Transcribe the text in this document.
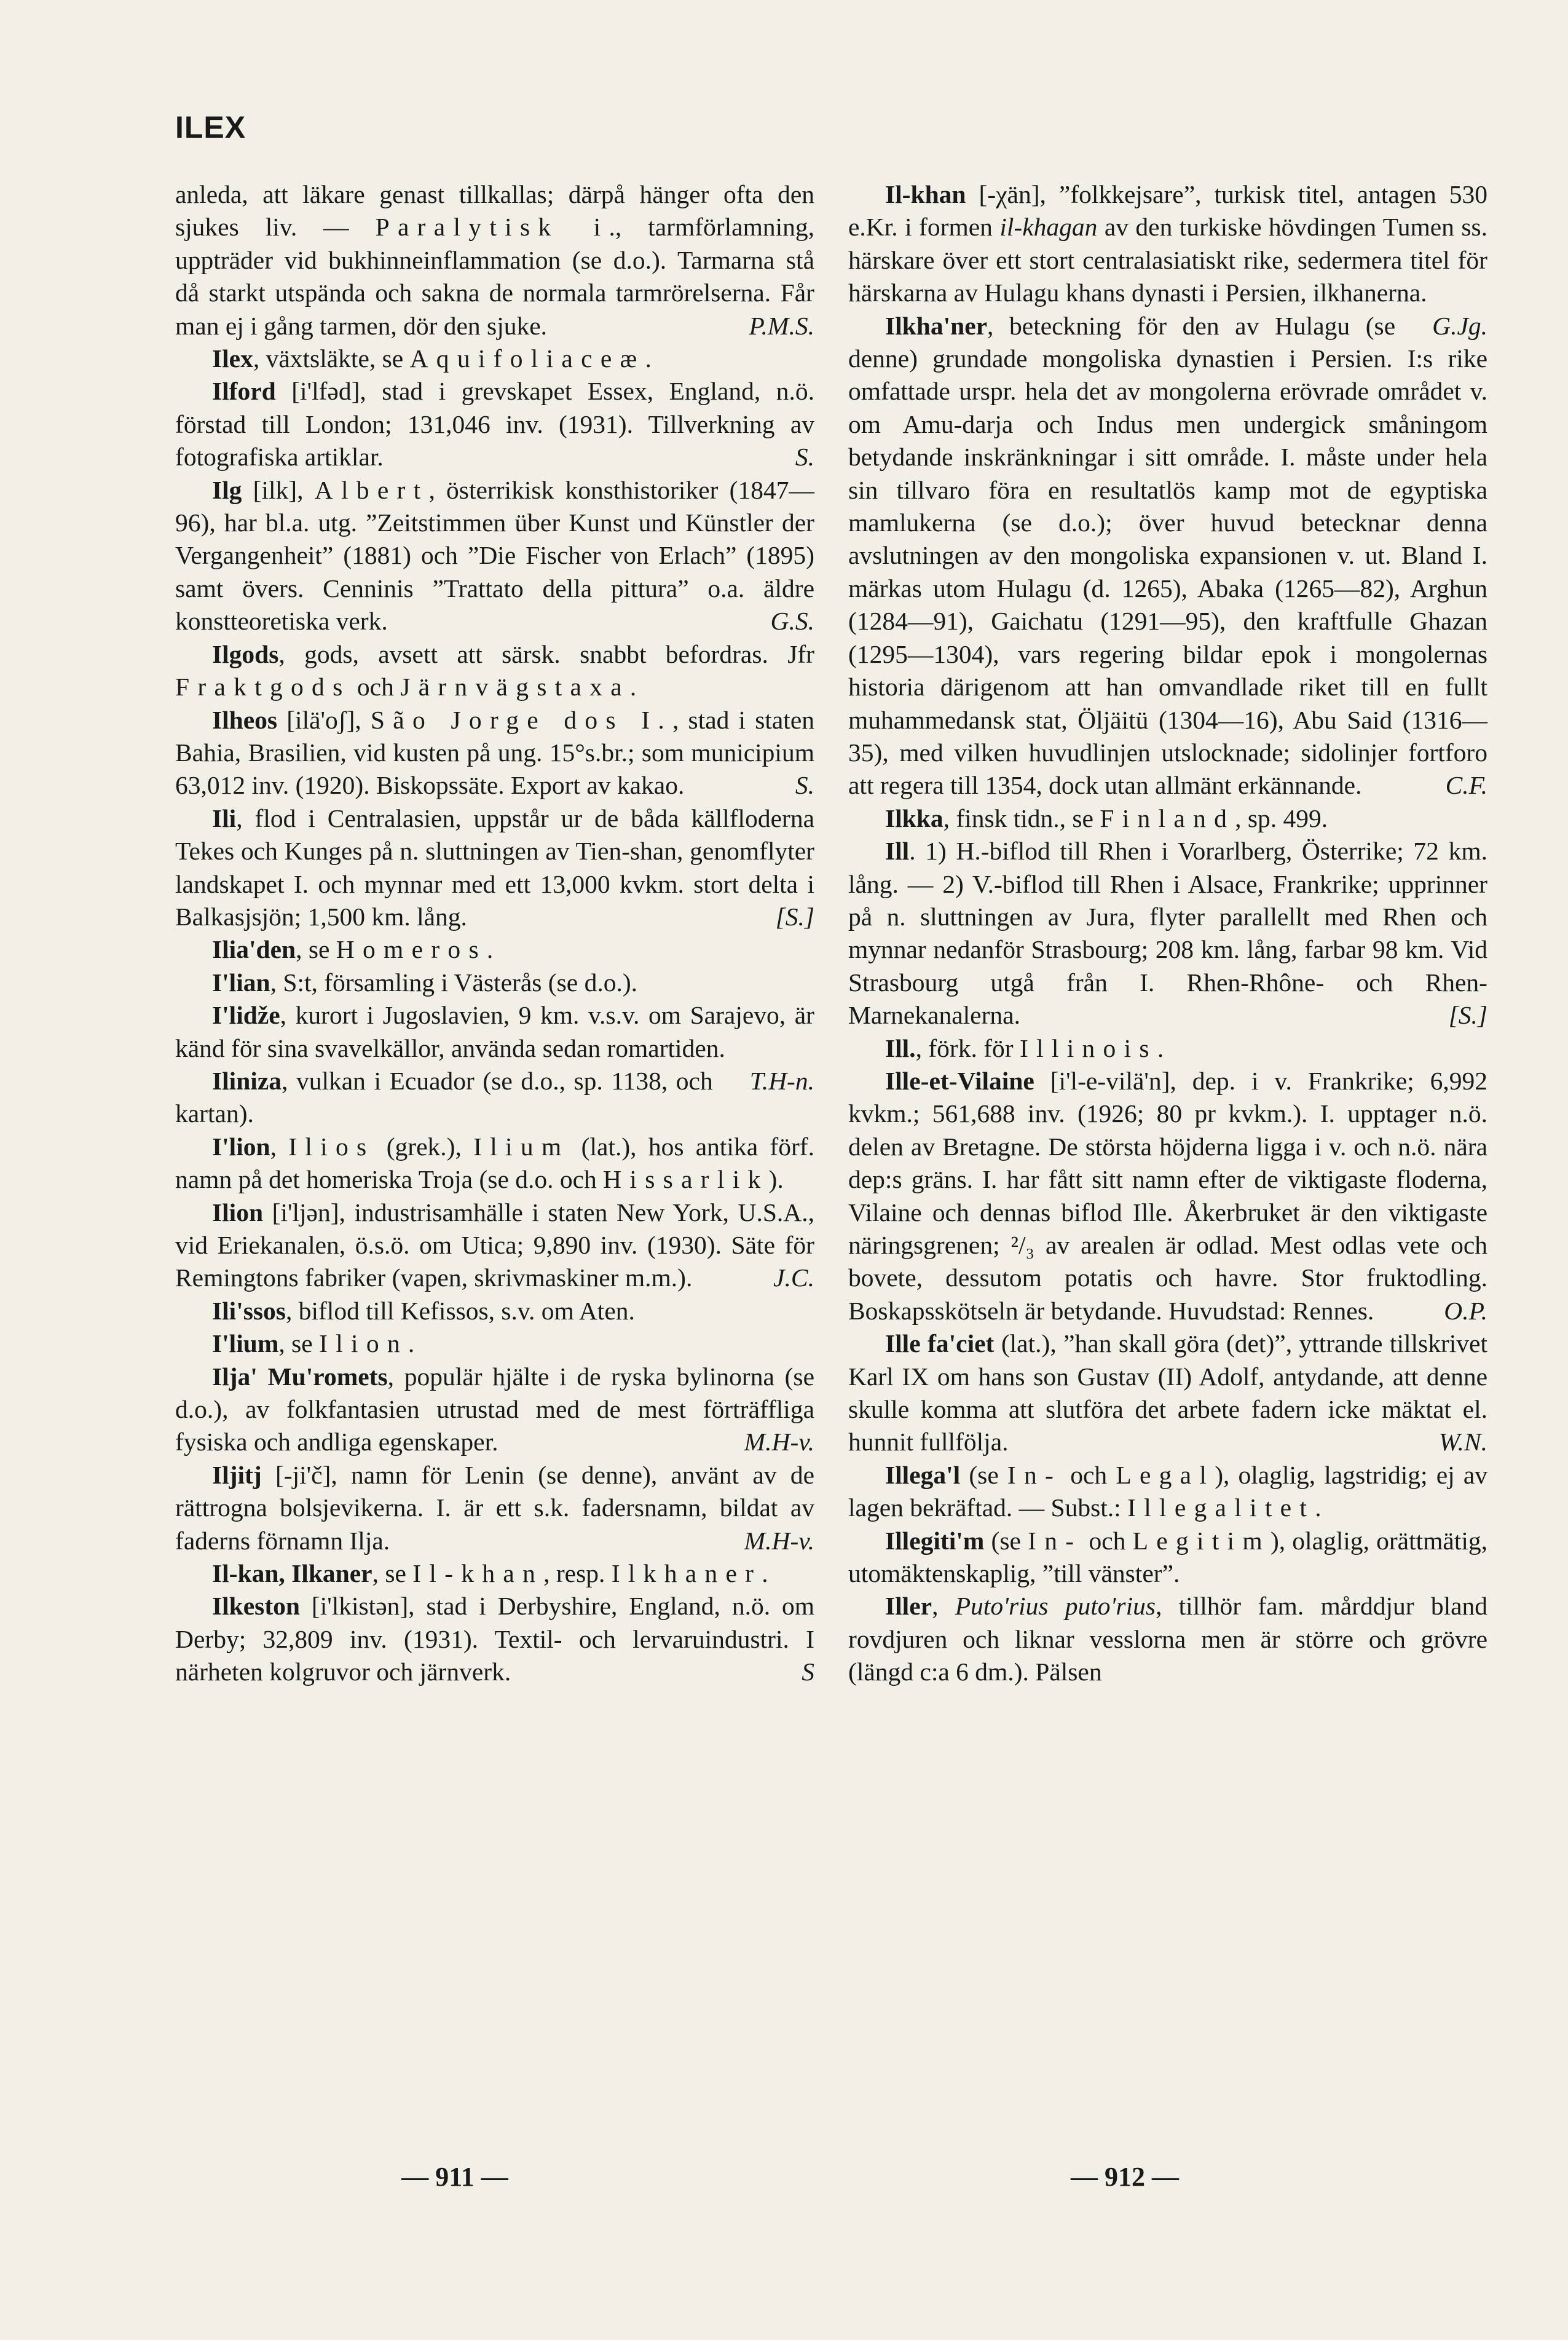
ILEX

anleda, att läkare genast tillkallas; därpå hänger ofta den sjukes liv. — Paralytisk i., tarmförlamning, uppträder vid bukhinneinflammation (se d.o.). Tarmarna stå då starkt utspända och sakna de normala tarmrörelserna. Får man ej i gång tarmen, dör den sjuke.	P.M.S.

Ilex, växtsläkte, se Aquifoliaceæ.

Ilford [i'lfəd], stad i grevskapet Essex, England, n.ö. förstad till London; 131,046 inv. (1931). Tillverkning av fotografiska artiklar.	S.

Ilg [ilk], Albert, österrikisk konsthistoriker (1847—96), har bl.a. utg. ”Zeitstimmen über Kunst und Künstler der Vergangenheit” (1881) och ”Die Fischer von Erlach” (1895) samt övers. Cenninis ”Trattato della pittura” o.a. äldre konstteoretiska verk.	G.S.

Ilgods, gods, avsett att särsk. snabbt befordras. Jfr Fraktgods och Järnvägstaxa.

Ilheos [ilä'oʃ], São Jorge dos I., stad i staten Bahia, Brasilien, vid kusten på ung. 15°s.br.; som municipium 63,012 inv. (1920). Biskopssäte. Export av kakao.	S.

Ili, flod i Centralasien, uppstår ur de båda källfloderna Tekes och Kunges på n. sluttningen av Tien-shan, genomflyter landskapet I. och mynnar med ett 13,000 kvkm. stort delta i Balkasjsjön; 1,500 km. lång.	[S.]

Ilia'den, se Homeros.

I'lian, S:t, församling i Västerås (se d.o.).

I'lidže, kurort i Jugoslavien, 9 km. v.s.v. om Sarajevo, är känd för sina svavelkällor, använda sedan romartiden.
T.H-n.

Iliniza, vulkan i Ecuador (se d.o., sp. 1138, och kartan).

I'lion, Ilios (grek.), Ilium (lat.), hos antika förf. namn på det homeriska Troja (se d.o. och Hissarlik).

Ilion [i'ljən], industrisamhälle i staten New York, U.S.A., vid Eriekanalen, ö.s.ö. om Utica; 9,890 inv. (1930). Säte för Remingtons fabriker (vapen, skrivmaskiner m.m.).	J.C.

Ili'ssos, biflod till Kefissos, s.v. om Aten.

I'lium, se Ilion.

Ilja' Mu'romets, populär hjälte i de ryska bylinorna (se d.o.), av folkfantasien utrustad med de mest förträffliga fysiska och andliga egenskaper.	M.H-v.

Iljitj [-ji'č], namn för Lenin (se denne), använt av de rättrogna bolsjevikerna. I. är ett s.k. fadersnamn, bildat av faderns förnamn Ilja.	M.H-v.

Il-kan, Ilkaner, se Il-khan, resp. Ilkhaner.

Ilkeston [i'lkistən], stad i Derbyshire, England, n.ö. om Derby; 32,809 inv. (1931). Textil- och lervaruindustri. I närheten kolgruvor och järnverk.	S

Il-khan [-χän], ”folkkejsare”, turkisk titel, antagen 530 e.Kr. i formen il-khagan av den turkiske hövdingen Tumen ss. härskare över ett stort centralasiatiskt rike, sedermera titel för härskarna av Hulagu khans dynasti i Persien, ilkhanerna.
G.Jg.

Ilkha'ner, beteckning för den av Hulagu (se denne) grundade mongoliska dynastien i Persien. I:s rike omfattade urspr. hela det av mongolerna erövrade området v. om Amu-darja och Indus men undergick småningom betydande inskränkningar i sitt område. I. måste under hela sin tillvaro föra en resultatlös kamp mot de egyptiska mamlukerna (se d.o.); över huvud betecknar denna avslutningen av den mongoliska expansionen v. ut. Bland I. märkas utom Hulagu (d. 1265), Abaka (1265—82), Arghun (1284—91), Gaichatu (1291—95), den kraftfulle Ghazan (1295—1304), vars regering bildar epok i mongolernas historia därigenom att han omvandlade riket till en fullt muhammedansk stat, Öljäitü (1304—16), Abu Said (1316—35), med vilken huvudlinjen utslocknade; sidolinjer fortforo att regera till 1354, dock utan allmänt erkännande.	C.F.

Ilkka, finsk tidn., se Finland, sp. 499.

Ill. 1) H.-biflod till Rhen i Vorarlberg, Österrike; 72 km. lång. — 2) V.-biflod till Rhen i Alsace, Frankrike; upprinner på n. sluttningen av Jura, flyter parallellt med Rhen och mynnar nedanför Strasbourg; 208 km. lång, farbar 98 km. Vid Strasbourg utgå från I. Rhen-Rhône- och Rhen-Marnekanalerna.	[S.]

Ill., förk. för Illinois.

Ille-et-Vilaine [i'l-e-vilä'n], dep. i v. Frankrike; 6,992 kvkm.; 561,688 inv. (1926; 80 pr kvkm.). I. upptager n.ö. delen av Bretagne. De största höjderna ligga i v. och n.ö. nära dep:s gräns. I. har fått sitt namn efter de viktigaste floderna, Vilaine och dennas biflod Ille. Åkerbruket är den viktigaste näringsgrenen; ²/₃ av arealen är odlad. Mest odlas vete och bovete, dessutom potatis och havre. Stor fruktodling. Boskapsskötseln är betydande. Huvudstad: Rennes.	O.P.

Ille fa'ciet (lat.), ”han skall göra (det)”, yttrande tillskrivet Karl IX om hans son Gustav (II) Adolf, antydande, att denne skulle komma att slutföra det arbete fadern icke mäktat el. hunnit fullfölja.	W.N.

Illega'l (se In- och Legal), olaglig, lagstridig; ej av lagen bekräftad. — Subst.: Illegalitet.

Illegiti'm (se In- och Legitim), olaglig, orättmätig, utomäktenskaplig, ”till vänster”.

Iller, Puto'rius puto'rius, tillhör fam. mårddjur bland rovdjuren och liknar vesslorna men är större och grövre (längd c:a 6 dm.). Pälsen

— 911 —	— 912 —
